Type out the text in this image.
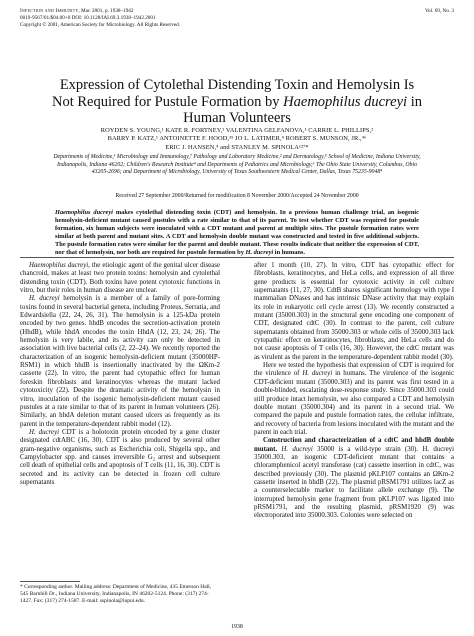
Infection and Immunity, Mar. 2001, p. 1938–1942	Vol. 69, No. 3
0019-9567/01/$04.00+0 DOI: 10.1128/IAI.69.3.1938–1942.2001
Copyright © 2001, American Society for Microbiology. All Rights Reserved.
Expression of Cytolethal Distending Toxin and Hemolysin Is
Not Required for Pustule Formation by Haemophilus ducreyi in
Human Volunteers
ROYDEN S. YOUNG,¹ KATE R. FORTNEY,¹ VALENTINA GELFANOVA,¹ CARRIE L. PHILLIPS,²
BARRY P. KATZ,¹ ANTOINETTE F. HOOD,³⁵ JO L. LATIMER,⁴ ROBERT S. MUNSON, JR.,⁴⁶
ERIC J. HANSEN,⁴ and STANLEY M. SPINOLA¹²⁷*
Departments of Medicine,¹ Microbiology and Immunology,⁷ Pathology and Laboratory Medicine,² and Dermatology,⁵ School of Medicine, Indiana University, Indianapolis, Indiana 46202; Children's Research Institute⁴ and Departments of Pediatrics and Microbiology,⁶ The Ohio State University, Columbus, Ohio 43205-2696; and Department of Microbiology, University of Texas Southwestern Medical Center, Dallas, Texas 75235-9048⁴
Received 27 September 2000/Returned for modification 8 November 2000/Accepted 24 November 2000
Haemophilus ducreyi makes cytolethal distending toxin (CDT) and hemolysin. In a previous human challenge trial, an isogenic hemolysin-deficient mutant caused pustules with a rate similar to that of its parent. To test whether CDT was required for pustule formation, six human subjects were inoculated with a CDT mutant and parent at multiple sites. The pustule formation rates were similar at both parent and mutant sites. A CDT and hemolysin double mutant was constructed and tested in five additional subjects. The pustule formation rates were similar for the parent and double mutant. These results indicate that neither the expression of CDT, nor that of hemolysin, nor both are required for pustule formation by H. ducreyi in humans.

Haemophilus ducreyi, the etiologic agent of the genital ulcer disease chancroid, makes at least two protein toxins: hemolysin and cytolethal distending toxin (CDT). Both toxins have potent cytotoxic functions in vitro, but their roles in human disease are unclear.

H. ducreyi hemolysin is a member of a family of pore-forming toxins found in several bacterial genera, including Proteus, Serratia, and Edwardsiella (22, 24, 26, 31). The hemolysin is a 125-kDa protein encoded by two genes. hhdB encodes the secretion-activation protein (HhdB), while hhdA encodes the toxin HhdA (12, 23, 24, 26). The hemolysin is very labile, and its activity can only be detected in association with live bacterial cells (2, 22–24). We recently reported the characterization of an isogenic hemolysin-deficient mutant (35000HP-RSM1) in which hhdB is insertionally inactivated by the ΩKm-2 cassette (22). In vitro, the parent had cytopathic effect for human foreskin fibroblasts and keratinocytes whereas the mutant lacked cytotoxicity (22). Despite the dramatic activity of the hemolysin in vitro, inoculation of the isogenic hemolysin-deficient mutant caused pustules at a rate similar to that of its parent in human volunteers (26). Similarly, an hhdA deletion mutant caused ulcers as frequently as its parent in the temperature-dependent rabbit model (12).

H. ducreyi CDT is a holotoxin protein encoded by a gene cluster designated cdtABC (16, 30). CDT is also produced by several other gram-negative organisms, such as Escherichia coli, Shigella spp., and Campylobacter spp. and causes irreversible G₂ arrest and subsequent cell death of epithelial cells and apoptosis of T cells (11, 16, 30). CDT is secreted and its activity can be detected in frozen cell culture supernatants

after 1 month (10, 27). In vitro, CDT has cytopathic effect for fibroblasts, keratinocytes, and HeLa cells, and expression of all three gene products is essential for cytotoxic activity in cell culture supernatants (11, 27, 30). CdtB shares significant homology with type I mammalian DNases and has intrinsic DNase activity that may explain its role in eukaryotic cell cycle arrest (13). We recently constructed a mutant (35000.303) in the structural gene encoding one component of CDT, designated cdtC (30). In contrast to the parent, cell culture supernatants obtained from 35000.303 or whole cells of 35000.303 lack cytopathic effect on keratinocytes, fibroblasts, and HeLa cells and do not cause apoptosis of T cells (16, 30). However, the cdtC mutant was as virulent as the parent in the temperature-dependent rabbit model (30).

Here we tested the hypothesis that expression of CDT is required for the virulence of H. ducreyi in humans. The virulence of the isogenic CDT-deficient mutant (35000.303) and its parent was first tested in a double-blinded, escalating dose-response study. Since 35000.303 could still produce intact hemolysin, we also compared a CDT and hemolysin double mutant (35000.304) and its parent in a second trial. We compared the papule and pustule formation rates, the cellular infiltrate, and recovery of bacteria from lesions inoculated with the mutant and the parent in each trial.

Construction and characterization of a cdtC and hhdB double mutant. H. ducreyi 35000 is a wild-type strain (30). H. ducreyi 35000.303, an isogenic CDT-deficient mutant that contains a chloramphenicol acetyl transferase (cat) cassette insertion in cdtC, was described previously (30). The plasmid pKLP107 contains an ΩKm-2 cassette inserted in hhdB (22). The plasmid pRSM1791 utilizes lacZ as a counterselectable marker to facilitate allele exchange (9). The interrupted hemolysin gene fragment from pKLP107 was ligated into pRSM1791, and the resulting plasmid, pRSM1920 (9) was electroporated into 35000.303. Colonies were selected on

* Corresponding author. Mailing address: Department of Medicine, 435 Emerson Hall, 545 Barnhill Dr., Indiana University, Indianapolis, IN 46202-5124. Phone: (317) 274-1427. Fax: (317) 274-1587. E-mail: sspinola@iupui.edu.
1938
